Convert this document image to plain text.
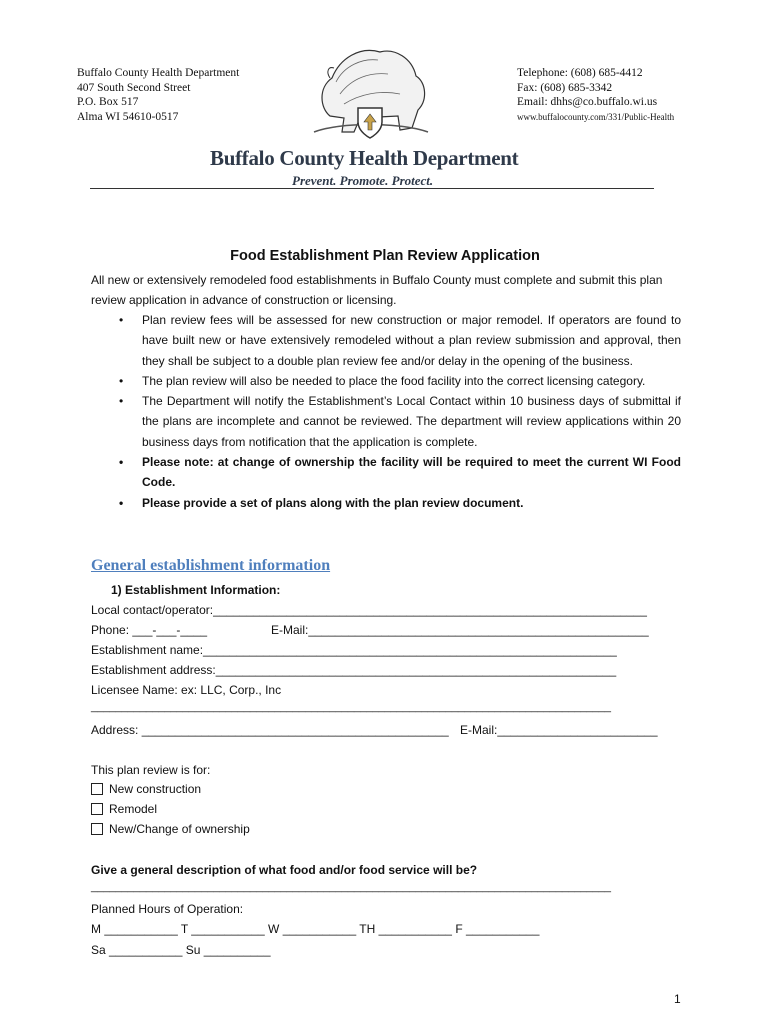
Buffalo County Health Department
407 South Second Street
P.O. Box 517
Alma WI 54610-0517
Telephone: (608) 685-4412
Fax: (608) 685-3342
Email: dhhs@co.buffalo.wi.us
www.buffalocounty.com/331/Public-Health
Buffalo County Health Department
Prevent. Promote. Protect.
Food Establishment Plan Review Application
All new or extensively remodeled food establishments in Buffalo County must complete and submit this plan review application in advance of construction or licensing.
• Plan review fees will be assessed for new construction or major remodel. If operators are found to have built new or have extensively remodeled without a plan review submission and approval, then they shall be subject to a double plan review fee and/or delay in the opening of the business.
• The plan review will also be needed to place the food facility into the correct licensing category.
• The Department will notify the Establishment’s Local Contact within 10 business days of submittal if the plans are incomplete and cannot be reviewed. The department will review applications within 20 business days from notification that the application is complete.
• Please note: at change of ownership the facility will be required to meet the current WI Food Code.
• Please provide a set of plans along with the plan review document.
General establishment information
1) Establishment Information:
Local contact/operator:_________________________________________________________________
Phone: ___-___-____	E-Mail:___________________________________________________
Establishment name:______________________________________________________________
Establishment address:____________________________________________________________
Licensee Name: ex: LLC, Corp., Inc
_____________________________________________________________________________________
Address: ______________________________________________ E-Mail:________________________
This plan review is for:
New construction
Remodel
New/Change of ownership
Give a general description of what food and/or food service will be?
_____________________________________________________________________________________
Planned Hours of Operation:
M ___________ T ___________ W ___________ TH ___________ F ___________
Sa ___________ Su __________
1
